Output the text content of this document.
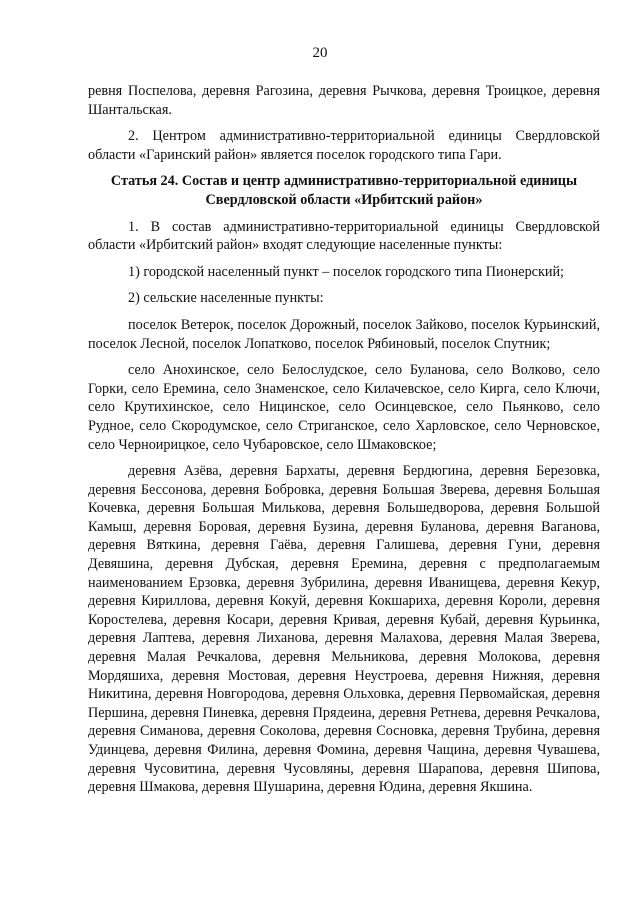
20

ревня Поспелова, деревня Рагозина, деревня Рычкова, деревня Троицкое, деревня Шантальская.

2. Центром административно-территориальной единицы Свердловской области «Гаринский район» является поселок городского типа Гари.

Статья 24. Состав и центр административно-территориальной единицы Свердловской области «Ирбитский район»

1. В состав административно-территориальной единицы Свердловской области «Ирбитский район» входят следующие населенные пункты:

1) городской населенный пункт – поселок городского типа Пионерский;

2) сельские населенные пункты:

поселок Ветерок, поселок Дорожный, поселок Зайково, поселок Курьинский, поселок Лесной, поселок Лопатково, поселок Рябиновый, поселок Спутник;

село Анохинское, село Белослудское, село Буланова, село Волково, село Горки, село Еремина, село Знаменское, село Килачевское, село Кирга, село Ключи, село Крутихинское, село Ницинское, село Осинцевское, село Пьянково, село Рудное, село Скородумское, село Стриганское, село Харловское, село Черновское, село Черноирицкое, село Чубаровское, село Шмаковское;

деревня Азёва, деревня Бархаты, деревня Бердюгина, деревня Березовка, деревня Бессонова, деревня Бобровка, деревня Большая Зверева, деревня Большая Кочевка, деревня Большая Милькова, деревня Большедворова, деревня Большой Камыш, деревня Боровая, деревня Бузина, деревня Буланова, деревня Ваганова, деревня Вяткина, деревня Гаёва, деревня Галишева, деревня Гуни, деревня Девяшина, деревня Дубская, деревня Еремина, деревня с предполагаемым наименованием Ерзовка, деревня Зубрилина, деревня Иванищева, деревня Кекур, деревня Кириллова, деревня Кокуй, деревня Кокшариха, деревня Короли, деревня Коростелева, деревня Косари, деревня Кривая, деревня Кубай, деревня Курьинка, деревня Лаптева, деревня Лиханова, деревня Малахова, деревня Малая Зверева, деревня Малая Речкалова, деревня Мельникова, деревня Молокова, деревня Мордяшиха, деревня Мостовая, деревня Неустроева, деревня Нижняя, деревня Никитина, деревня Новгородова, деревня Ольховка, деревня Первомайская, деревня Першина, деревня Пиневка, деревня Прядеина, деревня Ретнева, деревня Речкалова, деревня Симанова, деревня Соколова, деревня Сосновка, деревня Трубина, деревня Удинцева, деревня Филина, деревня Фомина, деревня Чащина, деревня Чувашева, деревня Чусовитина, деревня Чусовляны, деревня Шарапова, деревня Шипова, деревня Шмакова, деревня Шушарина, деревня Юдина, деревня Якшина.
